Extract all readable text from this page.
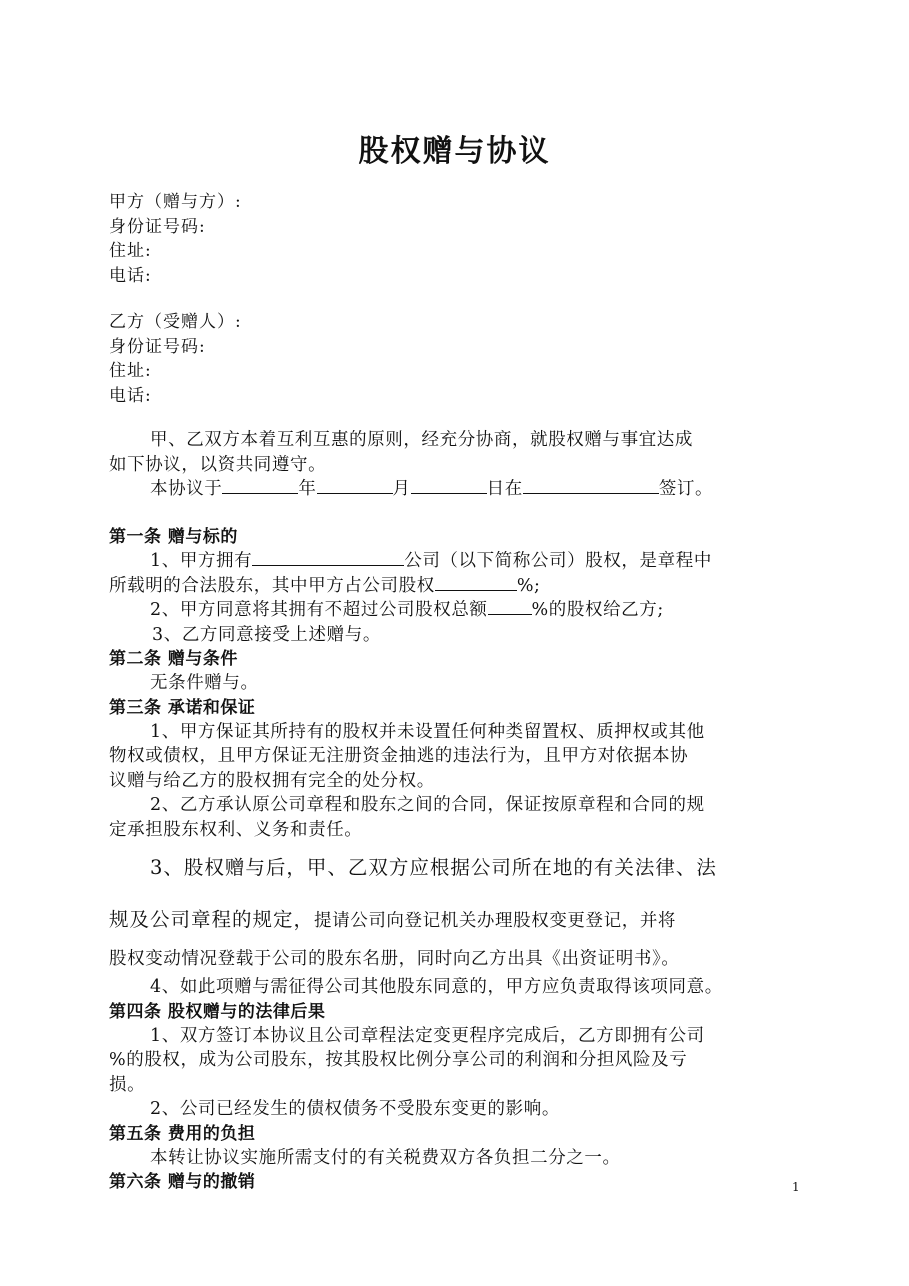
股权赠与协议
甲方（赠与方）:
身份证号码:
住址:
电话:
乙方（受赠人）:
身份证号码:
住址:
电话:
甲、乙双方本着互利互惠的原则，经充分协商，就股权赠与事宜达成
如下协议，以资共同遵守。
本协议于	年	月	日在	签订。
第一条 赠与标的
1、甲方拥有	公司（以下简称公司）股权，是章程中
所载明的合法股东，其中甲方占公司股权	%;
2、甲方同意将其拥有不超过公司股权总额	%的股权给乙方;
3、乙方同意接受上述赠与。
第二条 赠与条件
无条件赠与。
第三条 承诺和保证
1、甲方保证其所持有的股权并未设置任何种类留置权、质押权或其他
物权或债权，且甲方保证无注册资金抽逃的违法行为，且甲方对依据本协
议赠与给乙方的股权拥有完全的处分权。
2、乙方承认原公司章程和股东之间的合同，保证按原章程和合同的规
定承担股东权利、义务和责任。
3、股权赠与后，甲、乙双方应根据公司所在地的有关法律、法
规及公司章程的规定，提请公司向登记机关办理股权变更登记，并将
股权变动情况登载于公司的股东名册，同时向乙方出具《出资证明书》。
4、如此项赠与需征得公司其他股东同意的，甲方应负责取得该项同意。
第四条 股权赠与的法律后果
1、双方签订本协议且公司章程法定变更程序完成后，乙方即拥有公司
%的股权，成为公司股东，按其股权比例分享公司的利润和分担风险及亏
损。
2、公司已经发生的债权债务不受股东变更的影响。
第五条 费用的负担
本转让协议实施所需支付的有关税费双方各负担二分之一。
第六条 赠与的撤销	1
